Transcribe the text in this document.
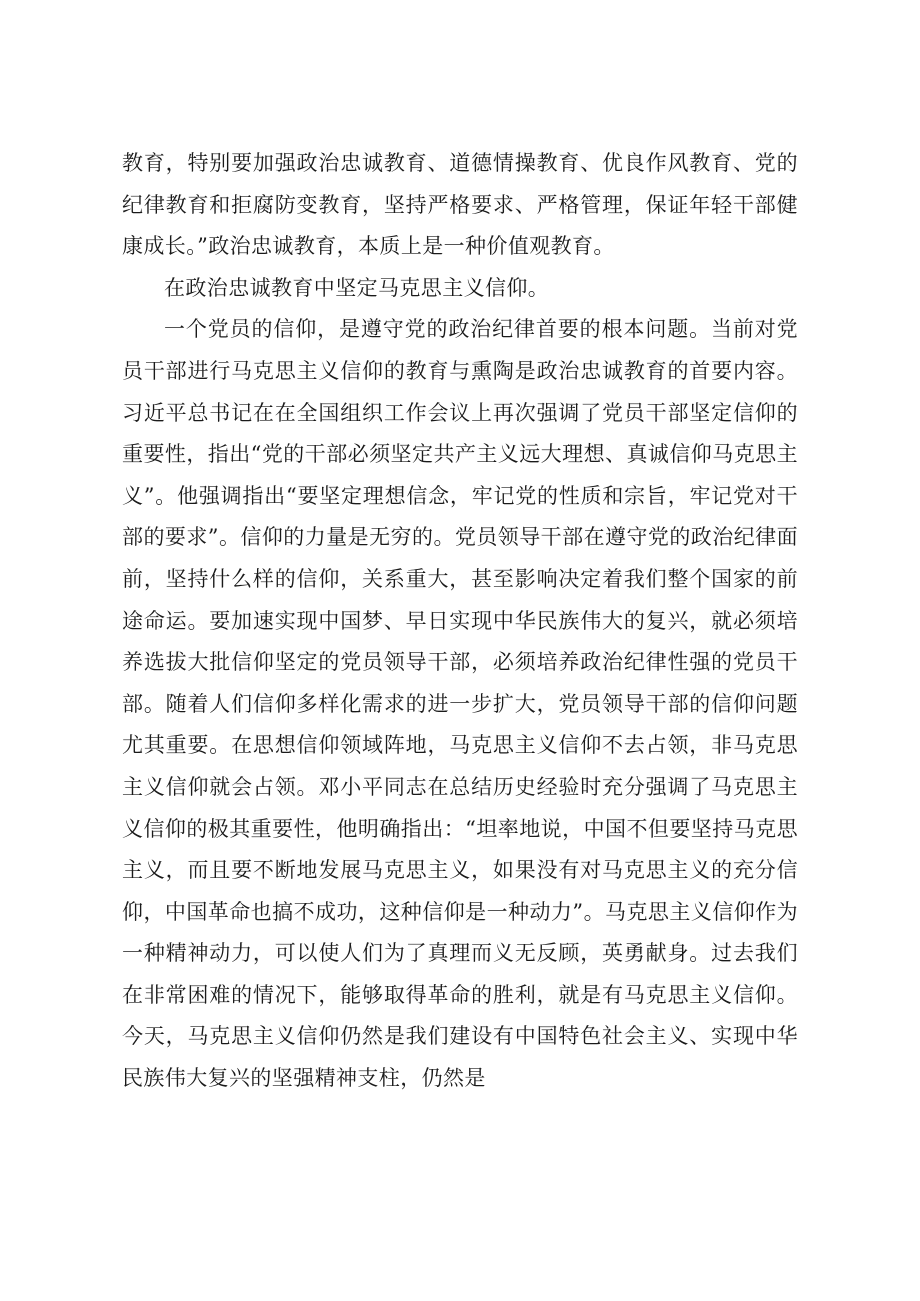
教育，特别要加强政治忠诚教育、道德情操教育、优良作风教育、党的纪律教育和拒腐防变教育，坚持严格要求、严格管理，保证年轻干部健康成长。”政治忠诚教育，本质上是一种价值观教育。

在政治忠诚教育中坚定马克思主义信仰。

一个党员的信仰，是遵守党的政治纪律首要的根本问题。当前对党员干部进行马克思主义信仰的教育与熏陶是政治忠诚教育的首要内容。习近平总书记在在全国组织工作会议上再次强调了党员干部坚定信仰的重要性，指出“党的干部必须坚定共产主义远大理想、真诚信仰马克思主义”。他强调指出“要坚定理想信念，牢记党的性质和宗旨，牢记党对干部的要求”。信仰的力量是无穷的。党员领导干部在遵守党的政治纪律面前，坚持什么样的信仰，关系重大，甚至影响决定着我们整个国家的前途命运。要加速实现中国梦、早日实现中华民族伟大的复兴，就必须培养选拔大批信仰坚定的党员领导干部，必须培养政治纪律性强的党员干部。随着人们信仰多样化需求的进一步扩大，党员领导干部的信仰问题尤其重要。在思想信仰领域阵地，马克思主义信仰不去占领，非马克思主义信仰就会占领。邓小平同志在总结历史经验时充分强调了马克思主义信仰的极其重要性，他明确指出：“坦率地说，中国不但要坚持马克思主义，而且要不断地发展马克思主义，如果没有对马克思主义的充分信仰，中国革命也搞不成功，这种信仰是一种动力”。马克思主义信仰作为一种精神动力，可以使人们为了真理而义无反顾，英勇献身。过去我们在非常困难的情况下，能够取得革命的胜利，就是有马克思主义信仰。今天，马克思主义信仰仍然是我们建设有中国特色社会主义、实现中华民族伟大复兴的坚强精神支柱，仍然是
